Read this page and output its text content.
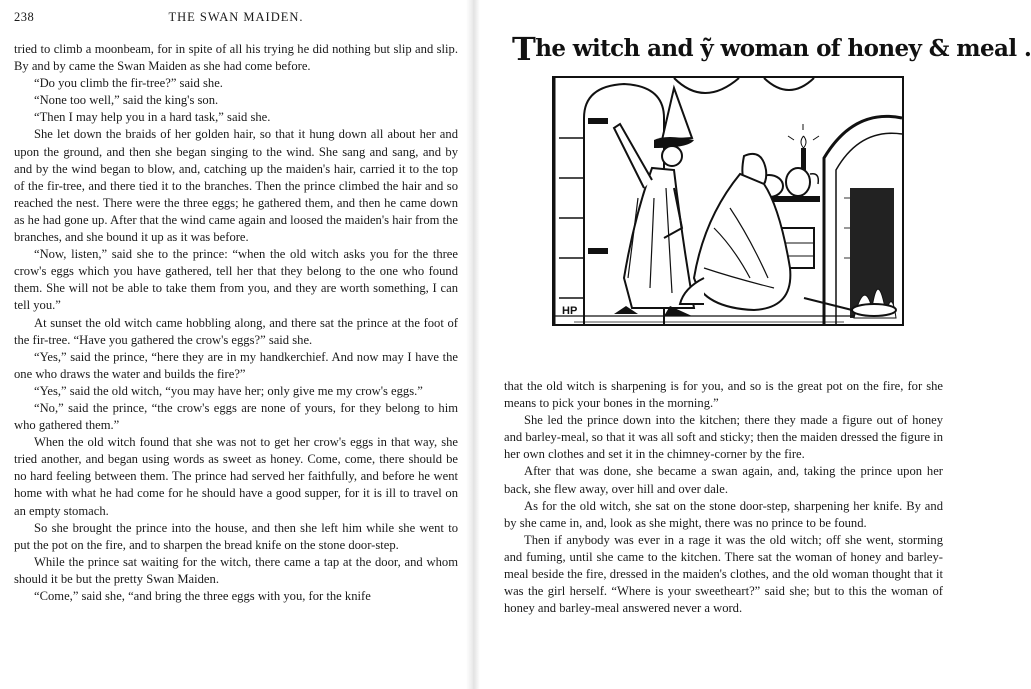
238	THE SWAN MAIDEN.

tried to climb a moonbeam, for in spite of all his trying he did nothing but slip and slip. By and by came the Swan Maiden as she had come before.

“Do you climb the fir-tree?” said she.

“None too well,” said the king's son.

“Then I may help you in a hard task,” said she.

She let down the braids of her golden hair, so that it hung down all about her and upon the ground, and then she began singing to the wind. She sang and sang, and by and by the wind began to blow, and, catching up the maiden's hair, carried it to the top of the fir-tree, and there tied it to the branches. Then the prince climbed the hair and so reached the nest. There were the three eggs; he gathered them, and then he came down as he had gone up. After that the wind came again and loosed the maiden's hair from the branches, and she bound it up as it was before.

“Now, listen,” said she to the prince: “when the old witch asks you for the three crow's eggs which you have gathered, tell her that they belong to the one who found them. She will not be able to take them from you, and they are worth something, I can tell you.”

At sunset the old witch came hobbling along, and there sat the prince at the foot of the fir-tree. “Have you gathered the crow's eggs?” said she.

“Yes,” said the prince, “here they are in my handkerchief. And now may I have the one who draws the water and builds the fire?”

“Yes,” said the old witch, “you may have her; only give me my crow's eggs.”

“No,” said the prince, “the crow's eggs are none of yours, for they belong to him who gathered them.”

When the old witch found that she was not to get her crow's eggs in that way, she tried another, and began using words as sweet as honey. Come, come, there should be no hard feeling between them. The prince had served her faithfully, and before he went home with what he had come for he should have a good supper, for it is ill to travel on an empty stomach.

So she brought the prince into the house, and then she left him while she went to put the pot on the fire, and to sharpen the bread knife on the stone door-step.

While the prince sat waiting for the witch, there came a tap at the door, and whom should it be but the pretty Swan Maiden.

“Come,” said she, “and bring the three eggs with you, for the knife

The witch and ỹ woman of honey & meal .

that the old witch is sharpening is for you, and so is the great pot on the fire, for she means to pick your bones in the morning.”

She led the prince down into the kitchen; there they made a figure out of honey and barley-meal, so that it was all soft and sticky; then the maiden dressed the figure in her own clothes and set it in the chimney-corner by the fire.

After that was done, she became a swan again, and, taking the prince upon her back, she flew away, over hill and over dale.

As for the old witch, she sat on the stone door-step, sharpening her knife. By and by she came in, and, look as she might, there was no prince to be found.

Then if anybody was ever in a rage it was the old witch; off she went, storming and fuming, until she came to the kitchen. There sat the woman of honey and barley-meal beside the fire, dressed in the maiden's clothes, and the old woman thought that it was the girl herself. “Where is your sweetheart?” said she; but to this the woman of honey and barley-meal answered never a word.

HP
